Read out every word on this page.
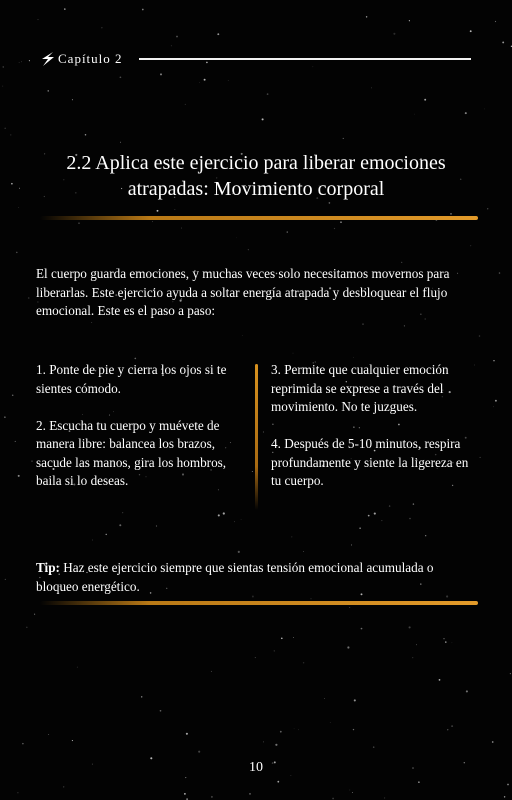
Capítulo 2
2.2 Aplica este ejercicio para liberar emociones
atrapadas: Movimiento corporal

El cuerpo guarda emociones, y muchas veces solo necesitamos movernos para liberarlas. Este ejercicio ayuda a soltar energía atrapada y desbloquear el flujo emocional. Este es el paso a paso:

1. Ponte de pie y cierra los ojos si te sientes cómodo.

2. Escucha tu cuerpo y muévete de manera libre: balancea los brazos, sacude las manos, gira los hombros, baila si lo deseas.

3. Permite que cualquier emoción reprimida se exprese a través del movimiento. No te juzgues.

4. Después de 5-10 minutos, respira profundamente y siente la ligereza en tu cuerpo.

Tip: Haz este ejercicio siempre que sientas tensión emocional acumulada o bloqueo energético.

10
